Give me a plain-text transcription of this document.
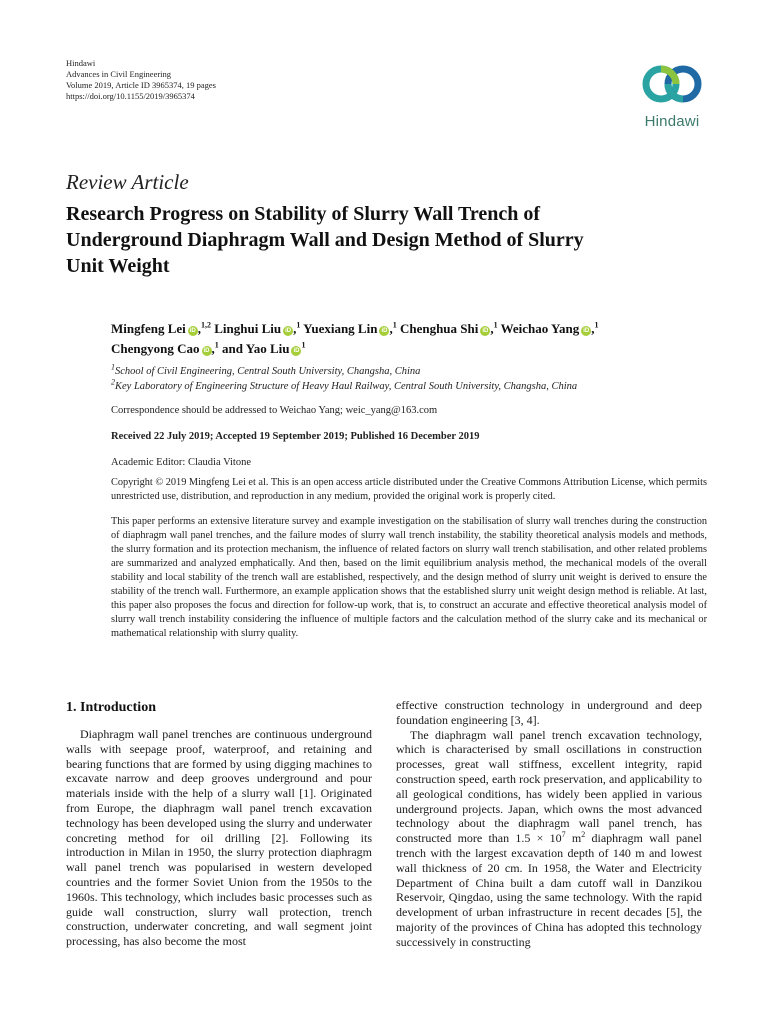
Hindawi
Advances in Civil Engineering
Volume 2019, Article ID 3965374, 19 pages
https://doi.org/10.1155/2019/3965374
Hindawi
Review Article
Research Progress on Stability of Slurry Wall Trench of
Underground Diaphragm Wall and Design Method of Slurry
Unit Weight
Mingfeng Lei iD ,$^{1,2}$ Linghui Liu iD ,$^1$ Yuexiang Lin iD ,$^1$ Chenghua Shi iD ,$^1$ Weichao Yang iD ,$^1$
Chengyong Cao iD ,$^1$ and Yao Liu $iD^1$
$^1$School of Civil Engineering, Central South University, Changsha, China
$^2$Key Laboratory of Engineering Structure of Heavy Haul Railway, Central South University, Changsha, China
Correspondence should be addressed to Weichao Yang; weic_yang@163.com
Received 22 July 2019; Accepted 19 September 2019; Published 16 December 2019
Academic Editor: Claudia Vitone
Copyright © 2019 Mingfeng Lei et al. This is an open access article distributed under the Creative Commons Attribution License, which permits unrestricted use, distribution, and reproduction in any medium, provided the original work is properly cited.
This paper performs an extensive literature survey and example investigation on the stabilisation of slurry wall trenches during the construction of diaphragm wall panel trenches, and the failure modes of slurry wall trench instability, the stability theoretical analysis models and methods, the slurry formation and its protection mechanism, the influence of related factors on slurry wall trench stabilisation, and other related problems are summarized and analyzed emphatically. And then, based on the limit equilibrium analysis method, the mechanical models of the overall stability and local stability of the trench wall are established, respectively, and the design method of slurry unit weight is derived to ensure the stability of the trench wall. Furthermore, an example application shows that the established slurry unit weight design method is reliable. At last, this paper also proposes the focus and direction for follow-up work, that is, to construct an accurate and effective theoretical analysis model of slurry wall trench instability considering the influence of multiple factors and the calculation method of the slurry cake and its mechanical or mathematical relationship with slurry quality.
1. Introduction

Diaphragm wall panel trenches are continuous underground walls with seepage proof, waterproof, and retaining and bearing functions that are formed by using digging machines to excavate narrow and deep grooves underground and pour materials inside with the help of a slurry wall [1]. Originated from Europe, the diaphragm wall panel trench excavation technology has been developed using the slurry and underwater concreting method for oil drilling [2]. Following its introduction in Milan in 1950, the slurry protection diaphragm wall panel trench was popularised in western developed countries and the former Soviet Union from the 1950s to the 1960s. This technology, which includes basic processes such as guide wall construction, slurry wall protection, trench construction, underwater concreting, and wall segment joint processing, has also become the most

effective construction technology in underground and deep foundation engineering [3, 4].

The diaphragm wall panel trench excavation technology, which is characterised by small oscillations in construction processes, great wall stiffness, excellent integrity, rapid construction speed, earth rock preservation, and applicability to all geological conditions, has widely been applied in various underground projects. Japan, which owns the most advanced technology about the diaphragm wall panel trench, has constructed more than $1.5 \times 10^7$ $m^2$ diaphragm wall panel trench with the largest excavation depth of 140 m and lowest wall thickness of 20 cm. In 1958, the Water and Electricity Department of China built a dam cutoff wall in Danzikou Reservoir, Qingdao, using the same technology. With the rapid development of urban infrastructure in recent decades [5], the majority of the provinces of China has adopted this technology successively in constructing
